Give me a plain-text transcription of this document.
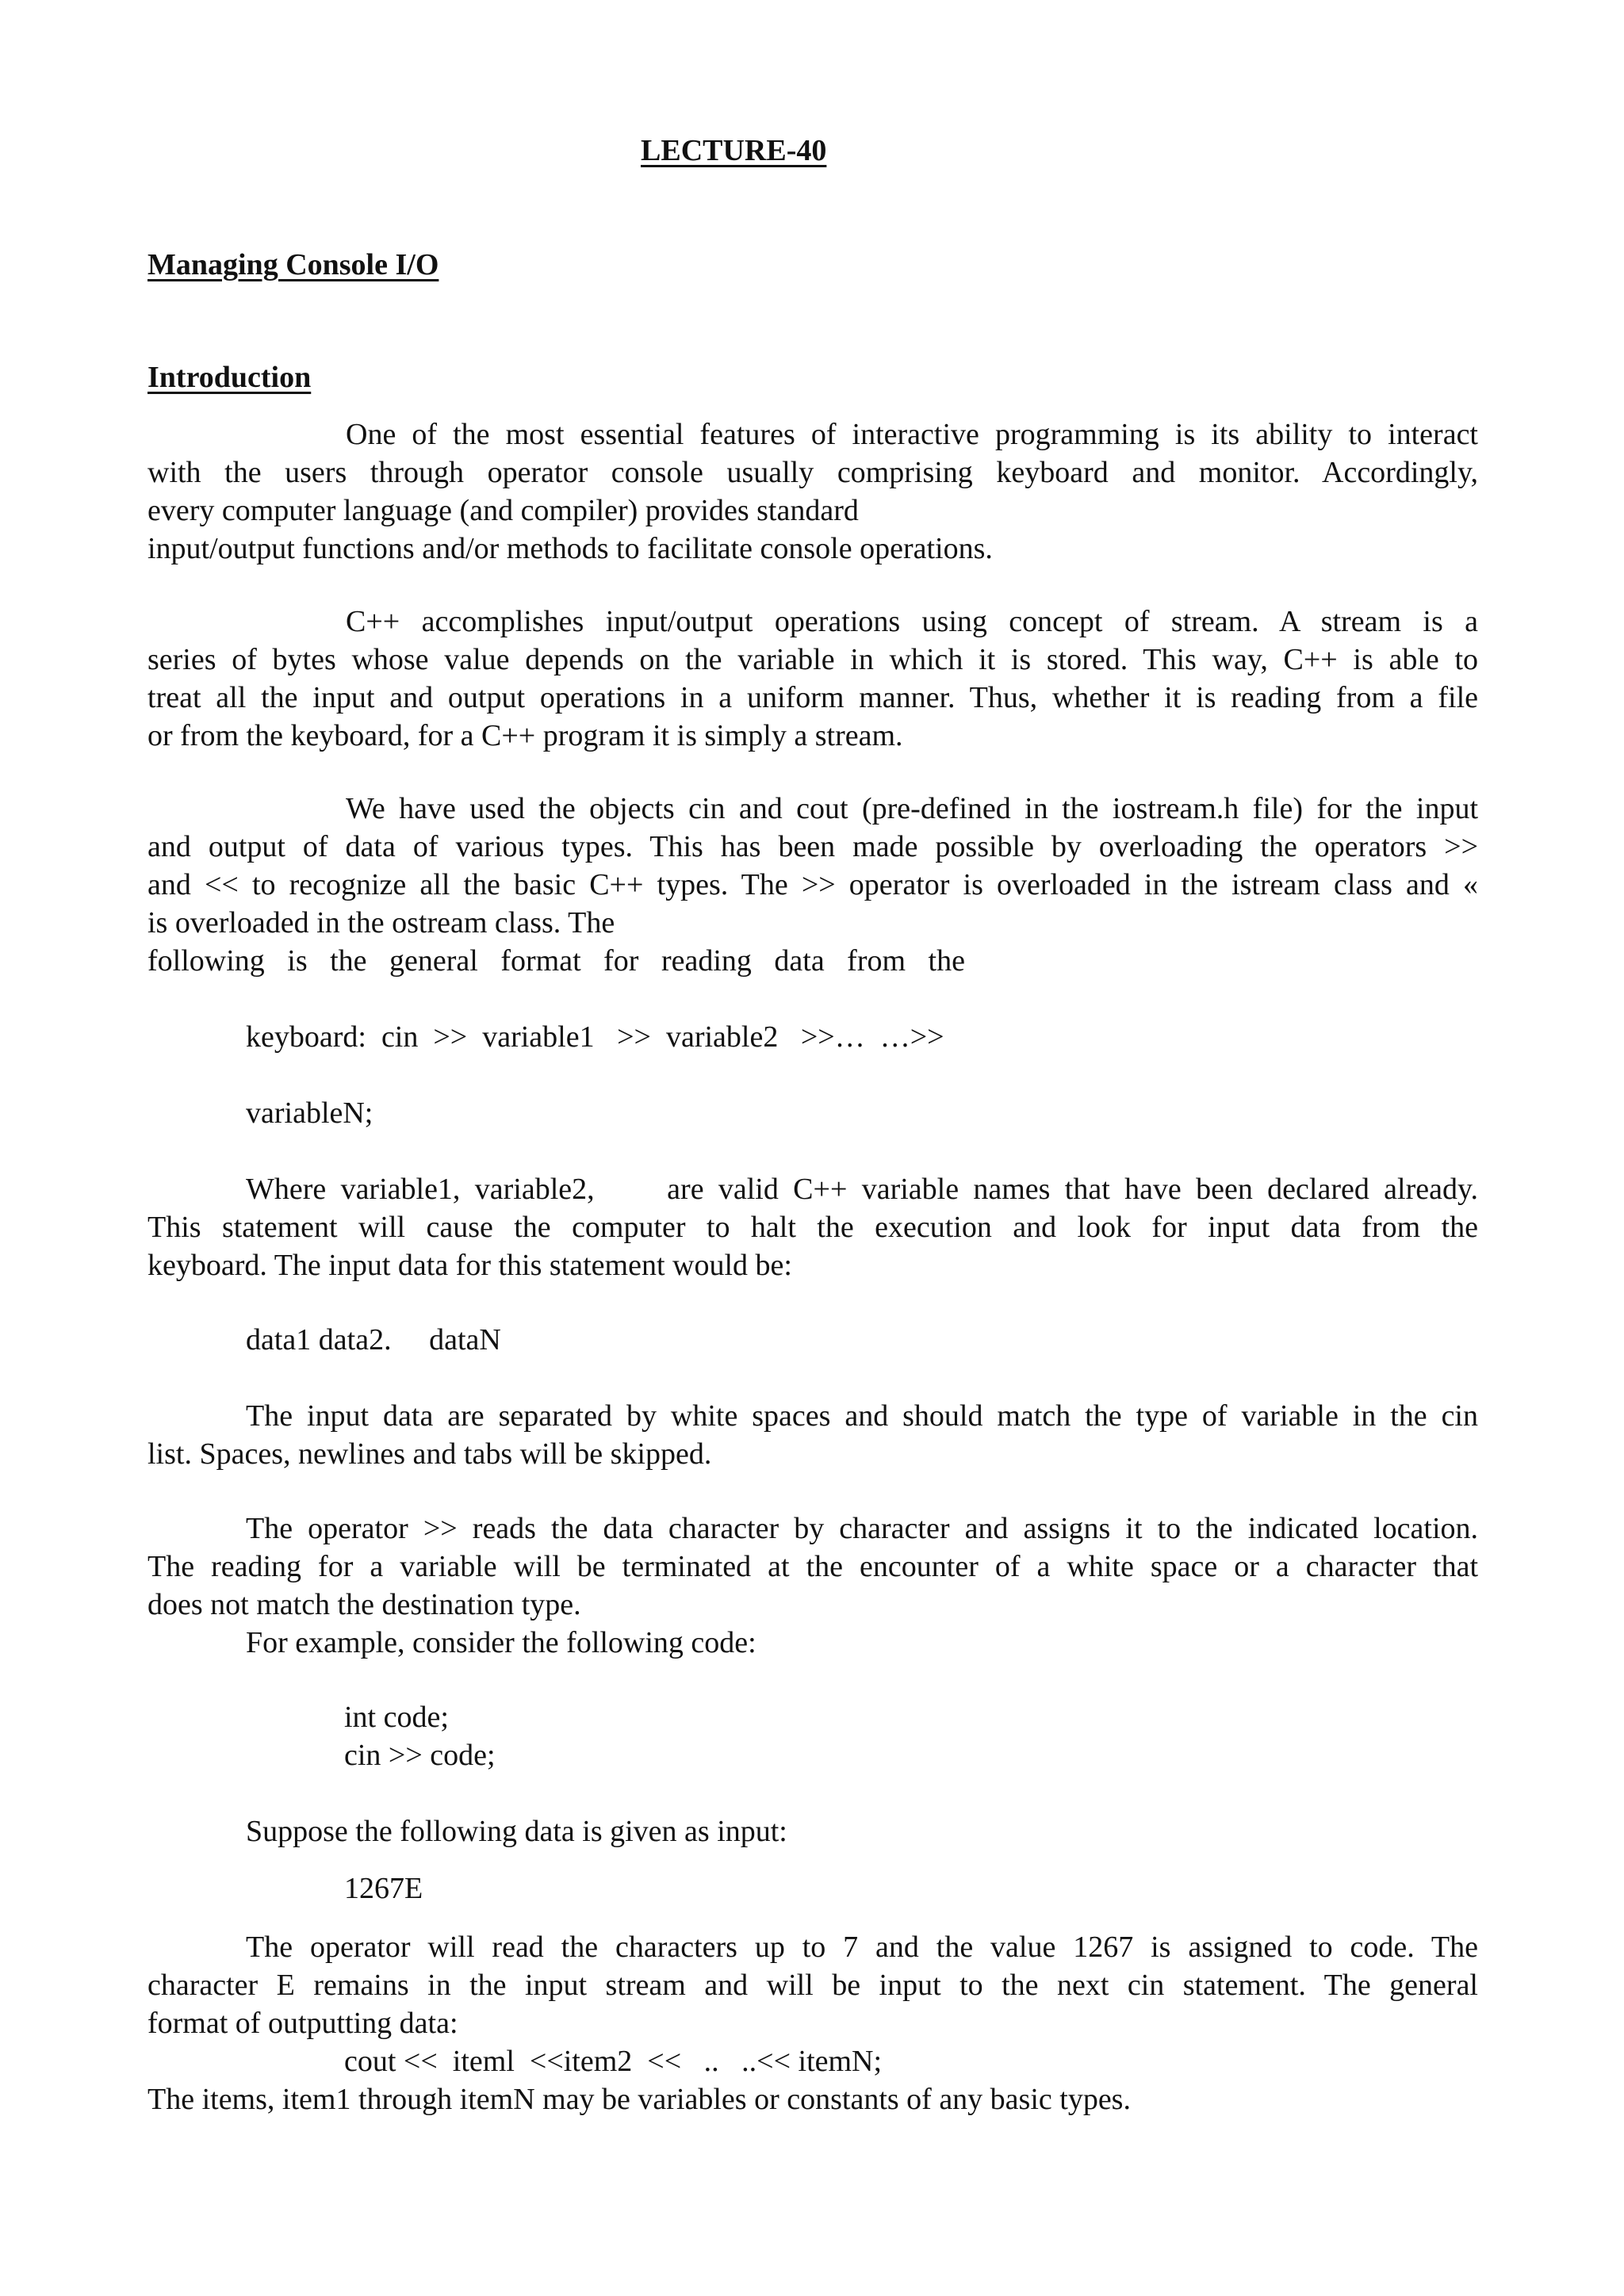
LECTURE-40
Managing Console I/O
Introduction
One of the most essential features of interactive programming is its ability to interact
with the users through operator console usually comprising keyboard and monitor. Accordingly,
every computer language (and compiler) provides standard
input/output functions and/or methods to facilitate console operations.
C++ accomplishes input/output operations using concept of stream. A stream is a
series of bytes whose value depends on the variable in which it is stored. This way, C++ is able to
treat all the input and output operations in a uniform manner. Thus, whether it is reading from a file
or from the keyboard, for a C++ program it is simply a stream.
We have used the objects cin and cout (pre-defined in the iostream.h file) for the input
and output of data of various types. This has been made possible by overloading the operators >>
and << to recognize all the basic C++ types. The >> operator is overloaded in the istream class and «
is overloaded in the ostream class. The
following   is   the   general   format   for   reading   data   from   the
keyboard:  cin  >>  variable1   >>  variable2   >>…  …>>
variableN;
Where variable1, variable2,     are valid C++ variable names that have been declared already.
This statement will cause the computer to halt the execution and look for input data from the
keyboard. The input data for this statement would be:
data1 data2.     dataN
The input data are separated by white spaces and should match the type of variable in the cin
list. Spaces, newlines and tabs will be skipped.
The operator >> reads the data character by character and assigns it to the indicated location.
The reading for a variable will be terminated at the encounter of a white space or a character that
does not match the destination type.
For example, consider the following code:
int code;
cin >> code;
Suppose the following data is given as input:
1267E
The operator will read the characters up to 7 and the value 1267 is assigned to code. The
character E remains in the input stream and will be input to the next cin statement. The general
format of outputting data:
cout <<  iteml  <<item2  <<   ..   ..<< itemN;
The items, item1 through itemN may be variables or constants of any basic types.
